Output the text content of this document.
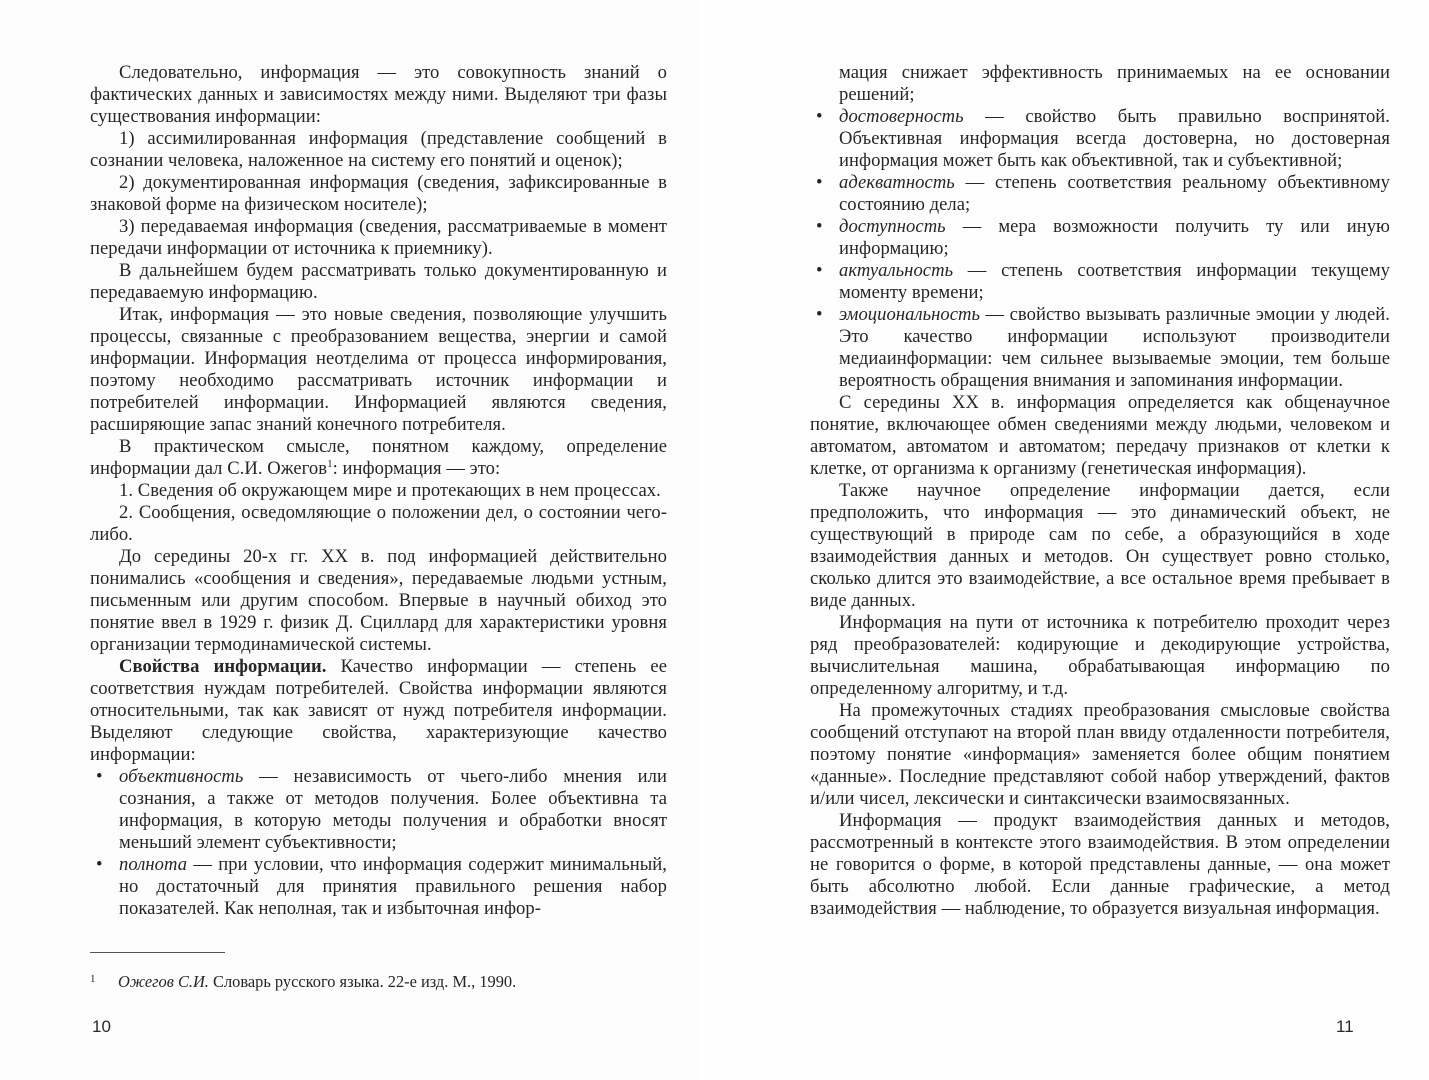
Следовательно, информация — это совокупность знаний о фактических данных и зависимостях между ними. Выделяют три фазы существования информации:

1) ассимилированная информация (представление сообщений в сознании человека, наложенное на систему его понятий и оценок);

2) документированная информация (сведения, зафиксированные в знаковой форме на физическом носителе);

3) передаваемая информация (сведения, рассматриваемые в момент передачи информации от источника к приемнику).

В дальнейшем будем рассматривать только документированную и передаваемую информацию.

Итак, информация — это новые сведения, позволяющие улучшить процессы, связанные с преобразованием вещества, энергии и самой информации. Информация неотделима от процесса информирования, поэтому необходимо рассматривать источник информации и потребителей информации. Информацией являются сведения, расширяющие запас знаний конечного потребителя.

В практическом смысле, понятном каждому, определение информации дал С.И. Ожегов$^1$: информация — это:

1. Сведения об окружающем мире и протекающих в нем процессах.

2. Сообщения, осведомляющие о положении дел, о состоянии чего-либо.

До середины 20-х гг. XX в. под информацией действительно понимались «сообщения и сведения», передаваемые людьми устным, письменным или другим способом. Впервые в научный обиход это понятие ввел в 1929 г. физик Д. Сциллард для характеристики уровня организации термодинамической системы.

Свойства информации. Качество информации — степень ее соответствия нуждам потребителей. Свойства информации являются относительными, так как зависят от нужд потребителя информации. Выделяют следующие свойства, характеризующие качество информации:

• объективность — независимость от чьего-либо мнения или сознания, а также от методов получения. Более объективна та информация, в которую методы получения и обработки вносят меньший элемент субъективности;
• полнота — при условии, что информация содержит минимальный, но достаточный для принятия правильного решения набор показателей. Как неполная, так и избыточная инфор-
1 Ожегов С.И. Словарь русского языка. 22-е изд. М., 1990.
10
мация снижает эффективность принимаемых на ее основании решений;
• достоверность — свойство быть правильно воспринятой. Объективная информация всегда достоверна, но достоверная информация может быть как объективной, так и субъективной;
• адекватность — степень соответствия реальному объективному состоянию дела;
• доступность — мера возможности получить ту или иную информацию;
• актуальность — степень соответствия информации текущему моменту времени;
• эмоциональность — свойство вызывать различные эмоции у людей. Это качество информации используют производители медиаинформации: чем сильнее вызываемые эмоции, тем больше вероятность обращения внимания и запоминания информации.

С середины XX в. информация определяется как общенаучное понятие, включающее обмен сведениями между людьми, человеком и автоматом, автоматом и автоматом; передачу признаков от клетки к клетке, от организма к организму (генетическая информация).

Также научное определение информации дается, если предположить, что информация — это динамический объект, не существующий в природе сам по себе, а образующийся в ходе взаимодействия данных и методов. Он существует ровно столько, сколько длится это взаимодействие, а все остальное время пребывает в виде данных.

Информация на пути от источника к потребителю проходит через ряд преобразователей: кодирующие и декодирующие устройства, вычислительная машина, обрабатывающая информацию по определенному алгоритму, и т.д.

На промежуточных стадиях преобразования смысловые свойства сообщений отступают на второй план ввиду отдаленности потребителя, поэтому понятие «информация» заменяется более общим понятием «данные». Последние представляют собой набор утверждений, фактов и/или чисел, лексически и синтаксически взаимосвязанных.

Информация — продукт взаимодействия данных и методов, рассмотренный в контексте этого взаимодействия. В этом определении не говорится о форме, в которой представлены данные, — она может быть абсолютно любой. Если данные графические, а метод взаимодействия — наблюдение, то образуется визуальная информация.

11
